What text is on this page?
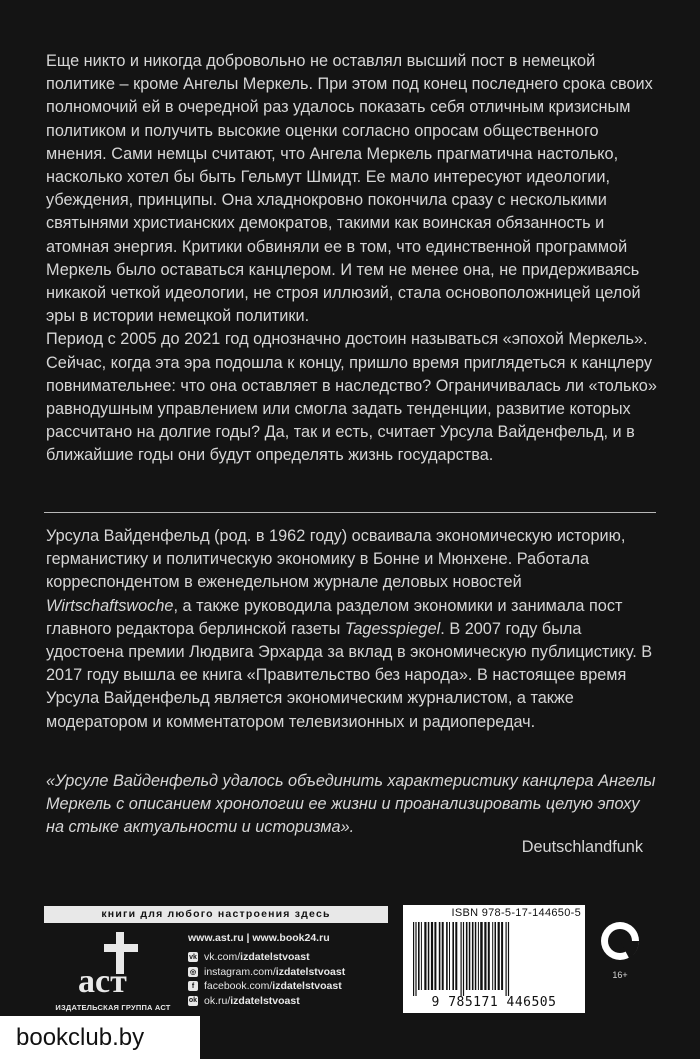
Еще никто и никогда добровольно не оставлял высший пост в немецкой политике – кроме Ангелы Меркель. При этом под конец последнего срока своих полномочий ей в очередной раз удалось показать себя отличным кризисным политиком и получить высокие оценки согласно опросам общественного мнения. Сами немцы считают, что Ангела Меркель прагматична настолько, насколько хотел бы быть Гельмут Шмидт. Ее мало интересуют идеологии, убеждения, принципы. Она хладнокровно покончила сразу с несколькими святынями христианских демократов, такими как воинская обязанность и атомная энергия. Критики обвиняли ее в том, что единственной программой Меркель было оставаться канцлером. И тем не менее она, не придерживаясь никакой четкой идеологии, не строя иллюзий, стала основоположницей целой эры в истории немецкой политики.

Период с 2005 до 2021 год однозначно достоин называться «эпохой Меркель». Сейчас, когда эта эра подошла к концу, пришло время приглядеться к канцлеру повнимательнее: что она оставляет в наследство? Ограничивалась ли «только» равнодушным управлением или смогла задать тенденции, развитие которых рассчитано на долгие годы? Да, так и есть, считает Урсула Вайденфельд, и в ближайшие годы они будут определять жизнь государства.

Урсула Вайденфельд (род. в 1962 году) осваивала экономическую историю, германистику и политическую экономику в Бонне и Мюнхене. Работала корреспондентом в еженедельном журнале деловых новостей Wirtschaftswoche, а также руководила разделом экономики и занимала пост главного редактора берлинской газеты Tagesspiegel. В 2007 году была удостоена премии Людвига Эрхарда за вклад в экономическую публицистику. В 2017 году вышла ее книга «Правительство без народа». В настоящее время Урсула Вайденфельд является экономическим журналистом, а также модератором и комментатором телевизионных и радиопередач.
«Урсуле Вайденфельд удалось объединить характеристику канцлера Ангелы Меркель с описанием хронологии ее жизни и проанализировать целую эпоху на стыке актуальности и историзма».
Deutschlandfunk
книги для любого настроения здесь
аст
ИЗДАТЕЛЬСКАЯ ГРУППА АСТ
www.ast.ru | www.book24.ru
vk vk.com/ izdatelstvoast
◎ instagram.com/ izdatelstvoast
f facebook.com/ izdatelstvoast
ok ok.ru/ izdatelstvoast
ISBN 978-5-17-144650-5
9 785171 446505
16+
bookclub.by
